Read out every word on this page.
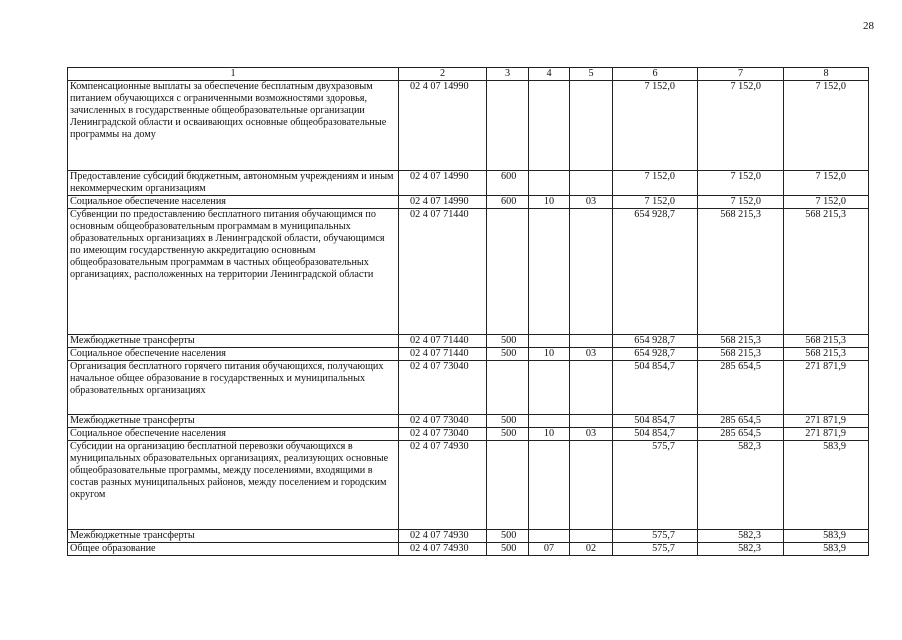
28
1	2	3	4	5	6	7	8
Компенсационные выплаты за обеспечение бесплатным двухразовым питанием обучающихся с ограниченными возможностями здоровья, зачисленных в государственные общеобразовательные организации Ленинградской области и осваивающих основные общеобразовательные программы на дому	02 4 07 14990				7 152,0	7 152,0	7 152,0
Предоставление субсидий бюджетным, автономным учреждениям и иным некоммерческим организациям	02 4 07 14990	600			7 152,0	7 152,0	7 152,0
Социальное обеспечение населения	02 4 07 14990	600	10	03	7 152,0	7 152,0	7 152,0
Субвенции по предоставлению бесплатного питания обучающимся по основным общеобразовательным программам в муниципальных образовательных организациях в Ленинградской области, обучающимся по имеющим государственную аккредитацию основным общеобразовательным программам в частных общеобразовательных организациях, расположенных на территории Ленинградской области	02 4 07 71440				654 928,7	568 215,3	568 215,3
Межбюджетные трансферты	02 4 07 71440	500			654 928,7	568 215,3	568 215,3
Социальное обеспечение населения	02 4 07 71440	500	10	03	654 928,7	568 215,3	568 215,3
Организация бесплатного горячего питания обучающихся, получающих начальное общее образование в государственных и муниципальных образовательных организациях	02 4 07 73040				504 854,7	285 654,5	271 871,9
Межбюджетные трансферты	02 4 07 73040	500			504 854,7	285 654,5	271 871,9
Социальное обеспечение населения	02 4 07 73040	500	10	03	504 854,7	285 654,5	271 871,9
Субсидии на организацию бесплатной перевозки обучающихся в муниципальных образовательных организациях, реализующих основные общеобразовательные программы, между поселениями, входящими в состав разных муниципальных районов, между поселением и городским округом	02 4 07 74930				575,7	582,3	583,9
Межбюджетные трансферты	02 4 07 74930	500			575,7	582,3	583,9
Общее образование	02 4 07 74930	500	07	02	575,7	582,3	583,9
